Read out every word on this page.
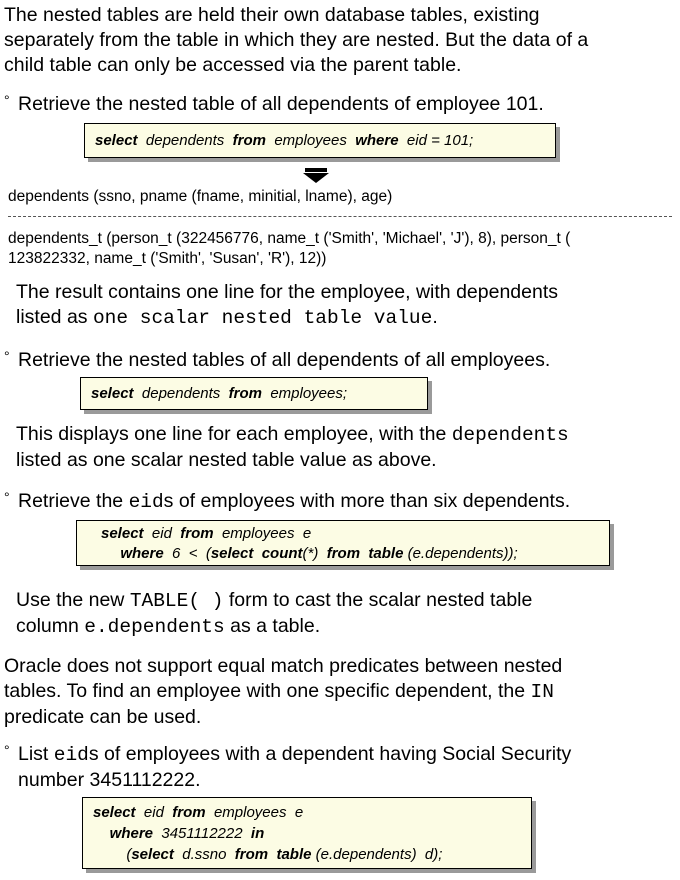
The nested tables are held their own database tables, existing
separately from the table in which they are nested. But the data of a
child table can only be accessed via the parent table.

° Retrieve the nested table of all dependents of employee 101.

select dependents from employees where eid = 101;

dependents (ssno, pname (fname, minitial, lname), age)

dependents_t (person_t (322456776, name_t ('Smith', 'Michael', 'J'), 8), person_t (
123822332, name_t ('Smith', 'Susan', 'R'), 12))

The result contains one line for the employee, with dependents
listed as one scalar nested table value.

° Retrieve the nested tables of all dependents of all employees.

select dependents from employees;

This displays one line for each employee, with the dependents
listed as one scalar nested table value as above.

° Retrieve the eids of employees with more than six dependents.

select eid from employees  e
where 6  <  (select count(*) from table (e.dependents));

Use the new TABLE( ) form to cast the scalar nested table
column e.dependents as a table.

Oracle does not support equal match predicates between nested
tables. To find an employee with one specific dependent, the IN
predicate can be used.

° List eids of employees with a dependent having Social Security
number 3451112222.

select eid from employees  e
where 3451112222 in
(select d.ssno from table (e.dependents)  d);
